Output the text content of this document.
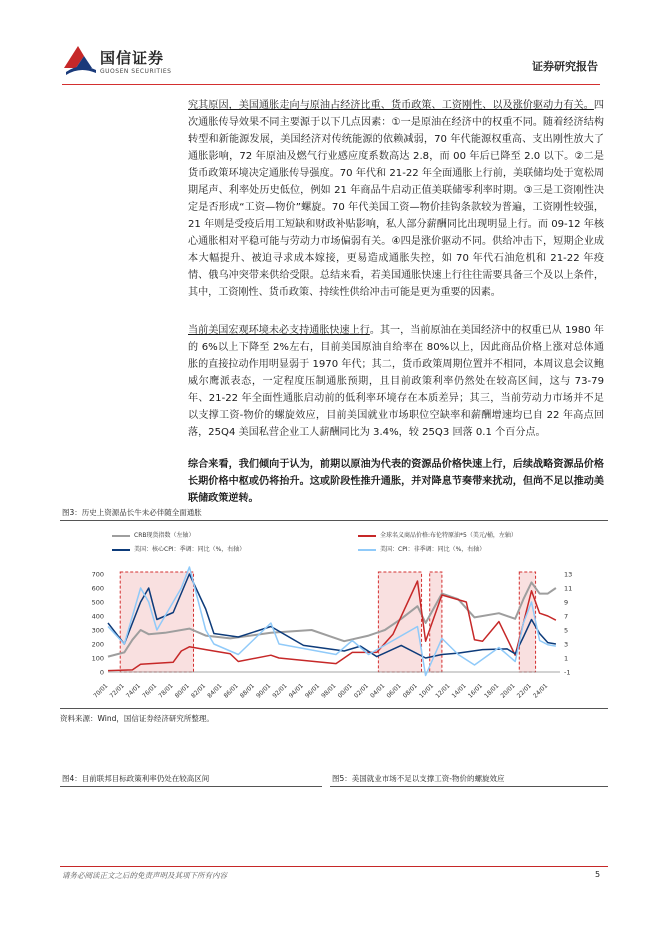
国信证券
GUOSEN SECURITIES	证券研究报告

究其原因，美国通胀走向与原油占经济比重、货币政策、工资刚性、以及涨价驱动力有关。四次通胀传导效果不同主要源于以下几点因素：①一是原油在经济中的权重不同。随着经济结构转型和新能源发展，美国经济对传统能源的依赖减弱，70 年代能源权重高、支出刚性放大了通胀影响，72 年原油及燃气行业感应度系数高达 2.8，而 00 年后已降至 2.0 以下。②二是货币政策环境决定通胀传导强度。70 年代和 21-22 年全面通胀上行前，美联储均处于宽松周期尾声、利率处历史低位，例如 21 年商品牛启动正值美联储零利率时期。③三是工资刚性决定是否形成“工资—物价”螺旋。70 年代美国工资—物价挂钩条款较为普遍，工资刚性较强，21 年则是受疫后用工短缺和财政补贴影响，私人部分薪酬同比出现明显上行。而 09-12 年核心通胀相对平稳可能与劳动力市场偏弱有关。④四是涨价驱动不同。供给冲击下，短期企业成本大幅提升、被迫寻求成本嫁接，更易造成通胀失控，如 70 年代石油危机和 21-22 年疫情、俄乌冲突带来供给受限。总结来看，若美国通胀快速上行往往需要具备三个及以上条件，其中，工资刚性、货币政策、持续性供给冲击可能是更为重要的因素。

当前美国宏观环境未必支持通胀快速上行。其一，当前原油在美国经济中的权重已从 1980 年的 6%以上下降至 2%左右，目前美国原油自给率在 80%以上，因此商品价格上涨对总体通胀的直接拉动作用明显弱于 1970 年代；其二，货币政策周期位置并不相同，本周议息会议鲍威尔鹰派表态，一定程度压制通胀预期，且目前政策利率仍然处在较高区间，这与 73-79 年、21-22 年全面性通胀启动前的低利率环境存在本质差异；其三，当前劳动力市场并不足以支撑工资-物价的螺旋效应，目前美国就业市场职位空缺率和薪酬增速均已自 22 年高点回落，25Q4 美国私营企业工人薪酬同比为 3.4%，较 25Q3 回落 0.1 个百分点。

综合来看，我们倾向于认为，前期以原油为代表的资源品价格快速上行，后续战略资源品价格长期价格中枢或仍将抬升。这或阶段性推升通胀，并对降息节奏带来扰动，但尚不足以推动美联储政策逆转。

图3：历史上资源品长牛未必伴随全面通胀
CRB现货指数（左轴）	全球名义商品价格:布伦特原油*5（美元/桶，左轴）
美国：核心CPI：季调：同比（%，右轴）	美国：CPI：非季调：同比（%，右轴）
0
100
200
300
400
500
600
700
-1
1
3
5
7
9
11
13
70/01 72/01 74/01 76/01 78/01 80/01 82/01 84/01 86/01 88/01 90/01 92/01 94/01 96/01 98/01 00/01 02/01 04/01 06/01 08/01 10/01 12/01 14/01 16/01 18/01 20/01 22/01 24/01
资料来源：Wind，国信证券经济研究所整理。
图4：目前联邦目标政策利率仍处在较高区间	图5：美国就业市场不足以支撑工资-物价的螺旋效应
请务必阅读正文之后的免责声明及其项下所有内容	5
